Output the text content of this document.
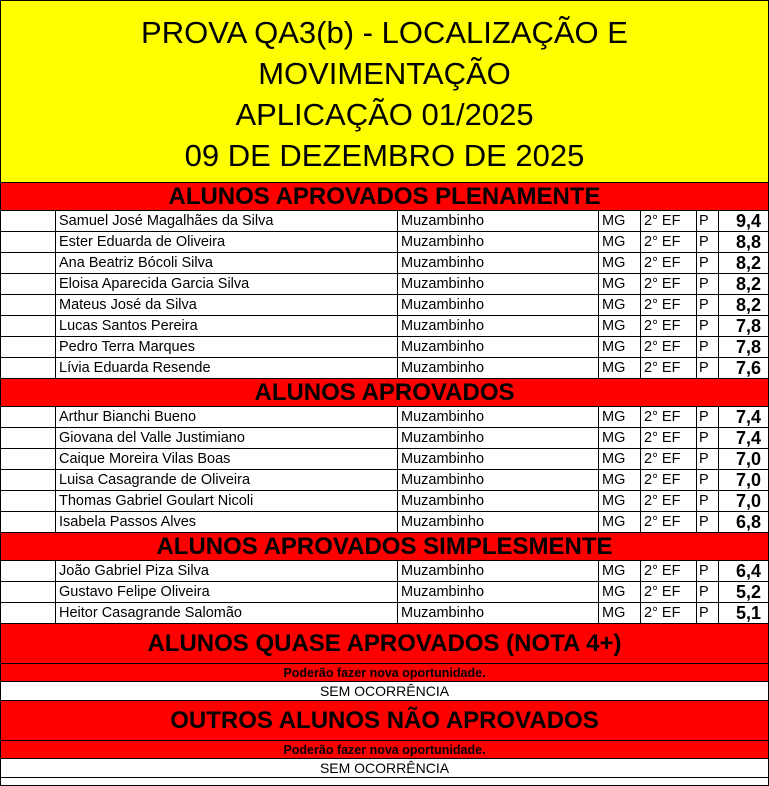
PROVA QA3(b) - LOCALIZAÇÃO E
MOVIMENTAÇÃO
APLICAÇÃO 01/2025
09 DE DEZEMBRO DE 2025
ALUNOS APROVADOS PLENAMENTE
Samuel José Magalhães da Silva	Muzambinho	MG	2° EF	P	9,4
Ester Eduarda de Oliveira	Muzambinho	MG	2° EF	P	8,8
Ana Beatriz Bócoli Silva	Muzambinho	MG	2° EF	P	8,2
Eloisa Aparecida Garcia Silva	Muzambinho	MG	2° EF	P	8,2
Mateus José da Silva	Muzambinho	MG	2° EF	P	8,2
Lucas Santos Pereira	Muzambinho	MG	2° EF	P	7,8
Pedro Terra Marques	Muzambinho	MG	2° EF	P	7,8
Lívia Eduarda Resende	Muzambinho	MG	2° EF	P	7,6
ALUNOS APROVADOS
Arthur Bianchi Bueno	Muzambinho	MG	2° EF	P	7,4
Giovana del Valle Justimiano	Muzambinho	MG	2° EF	P	7,4
Caique Moreira Vilas Boas	Muzambinho	MG	2° EF	P	7,0
Luisa Casagrande de Oliveira	Muzambinho	MG	2° EF	P	7,0
Thomas Gabriel Goulart Nicoli	Muzambinho	MG	2° EF	P	7,0
Isabela Passos Alves	Muzambinho	MG	2° EF	P	6,8
ALUNOS APROVADOS SIMPLESMENTE
João Gabriel Piza Silva	Muzambinho	MG	2° EF	P	6,4
Gustavo Felipe Oliveira	Muzambinho	MG	2° EF	P	5,2
Heitor Casagrande Salomão	Muzambinho	MG	2° EF	P	5,1
ALUNOS QUASE APROVADOS (NOTA 4+)
Poderão fazer nova oportunidade.
SEM OCORRÊNCIA
OUTROS ALUNOS NÃO APROVADOS
Poderão fazer nova oportunidade.
SEM OCORRÊNCIA
